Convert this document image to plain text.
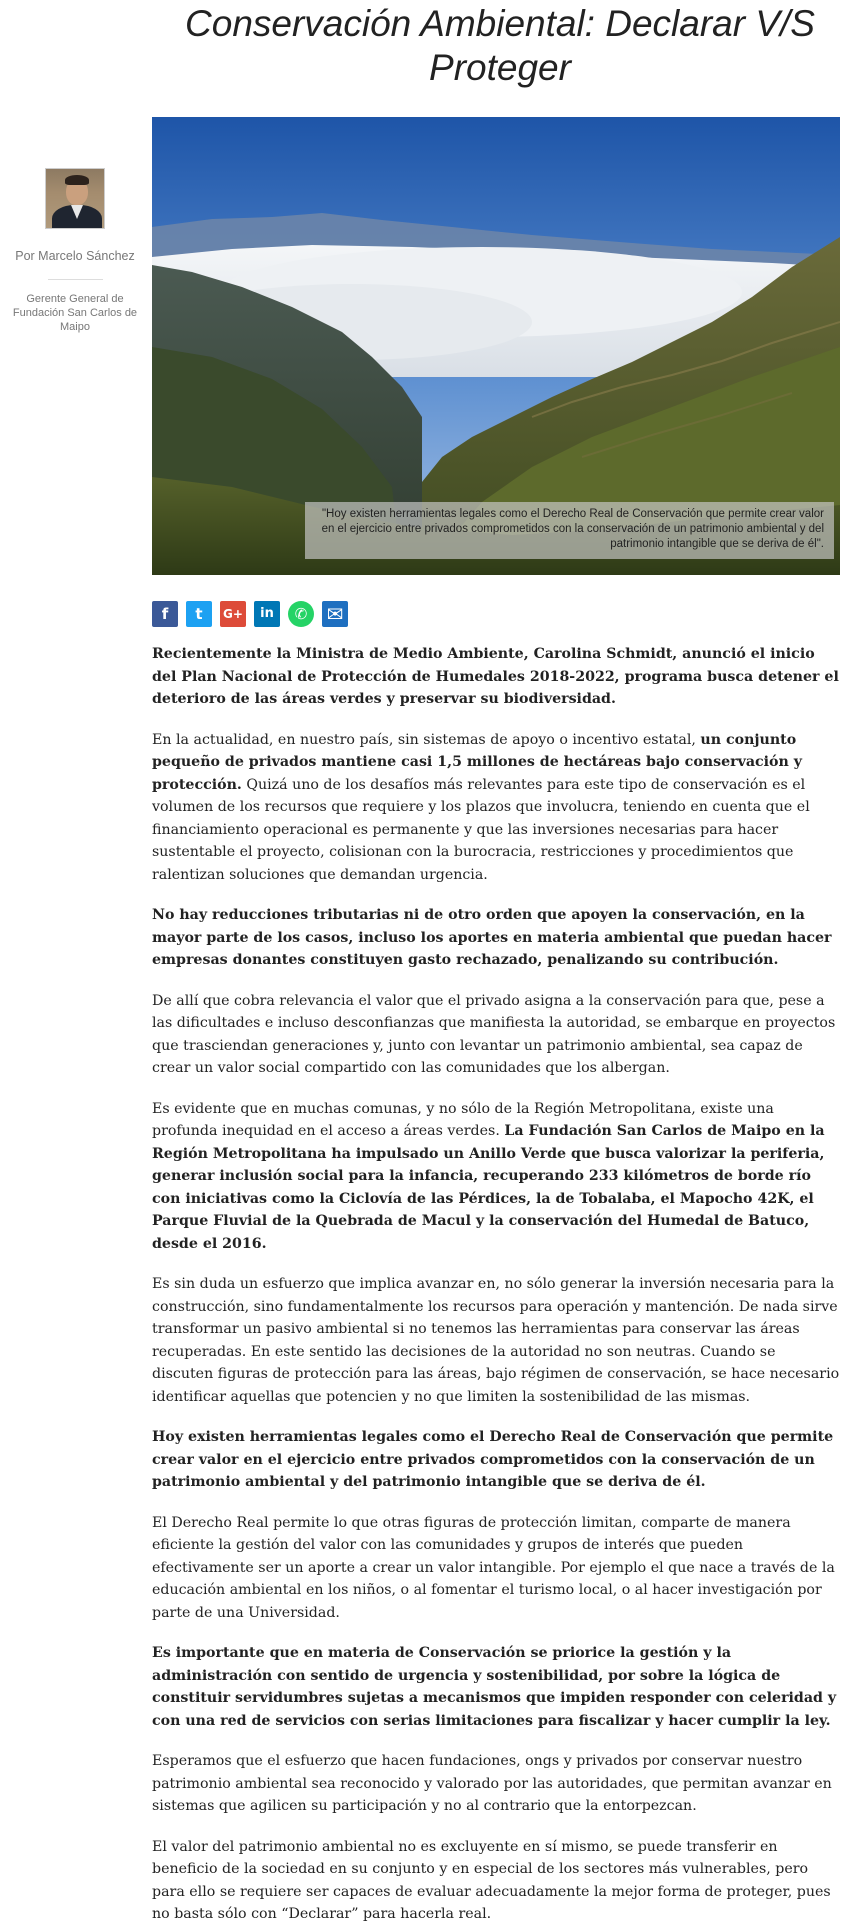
Conservación Ambiental: Declarar V/S Proteger
Por Marcelo Sánchez
Gerente General de Fundación San Carlos de Maipo
"Hoy existen herramientas legales como el Derecho Real de Conservación que permite crear valor en el ejercicio entre privados comprometidos con la conservación de un patrimonio ambiental y del patrimonio intangible que se deriva de él".
f	t	G+	in	✆ ✉

Recientemente la Ministra de Medio Ambiente, Carolina Schmidt, anunció el inicio del Plan Nacional de Protección de Humedales 2018-2022, programa busca detener el deterioro de las áreas verdes y preservar su biodiversidad.

En la actualidad, en nuestro país, sin sistemas de apoyo o incentivo estatal, un conjunto pequeño de privados mantiene casi 1,5 millones de hectáreas bajo conservación y protección. Quizá uno de los desafíos más relevantes para este tipo de conservación es el volumen de los recursos que requiere y los plazos que involucra, teniendo en cuenta que el financiamiento operacional es permanente y que las inversiones necesarias para hacer sustentable el proyecto, colisionan con la burocracia, restricciones y procedimientos que ralentizan soluciones que demandan urgencia.

No hay reducciones tributarias ni de otro orden que apoyen la conservación, en la mayor parte de los casos, incluso los aportes en materia ambiental que puedan hacer empresas donantes constituyen gasto rechazado, penalizando su contribución.

De allí que cobra relevancia el valor que el privado asigna a la conservación para que, pese a las dificultades e incluso desconfianzas que manifiesta la autoridad, se embarque en proyectos que trasciendan generaciones y, junto con levantar un patrimonio ambiental, sea capaz de crear un valor social compartido con las comunidades que los albergan.

Es evidente que en muchas comunas, y no sólo de la Región Metropolitana, existe una profunda inequidad en el acceso a áreas verdes. La Fundación San Carlos de Maipo en la Región Metropolitana ha impulsado un Anillo Verde que busca valorizar la periferia, generar inclusión social para la infancia, recuperando 233 kilómetros de borde río con iniciativas como la Ciclovía de las Pérdices, la de Tobalaba, el Mapocho 42K, el Parque Fluvial de la Quebrada de Macul y la conservación del Humedal de Batuco, desde el 2016.

Es sin duda un esfuerzo que implica avanzar en, no sólo generar la inversión necesaria para la construcción, sino fundamentalmente los recursos para operación y mantención. De nada sirve transformar un pasivo ambiental si no tenemos las herramientas para conservar las áreas recuperadas. En este sentido las decisiones de la autoridad no son neutras. Cuando se discuten figuras de protección para las áreas, bajo régimen de conservación, se hace necesario identificar aquellas que potencien y no que limiten la sostenibilidad de las mismas.

Hoy existen herramientas legales como el Derecho Real de Conservación que permite crear valor en el ejercicio entre privados comprometidos con la conservación de un patrimonio ambiental y del patrimonio intangible que se deriva de él.

El Derecho Real permite lo que otras figuras de protección limitan, comparte de manera eficiente la gestión del valor con las comunidades y grupos de interés que pueden efectivamente ser un aporte a crear un valor intangible. Por ejemplo el que nace a través de la educación ambiental en los niños, o al fomentar el turismo local, o al hacer investigación por parte de una Universidad.

Es importante que en materia de Conservación se priorice la gestión y la administración con sentido de urgencia y sostenibilidad, por sobre la lógica de constituir servidumbres sujetas a mecanismos que impiden responder con celeridad y con una red de servicios con serias limitaciones para fiscalizar y hacer cumplir la ley.

Esperamos que el esfuerzo que hacen fundaciones, ongs y privados por conservar nuestro patrimonio ambiental sea reconocido y valorado por las autoridades, que permitan avanzar en sistemas que agilicen su participación y no al contrario que la entorpezcan.

El valor del patrimonio ambiental no es excluyente en sí mismo, se puede transferir en beneficio de la sociedad en su conjunto y en especial de los sectores más vulnerables, pero para ello se requiere ser capaces de evaluar adecuadamente la mejor forma de proteger, pues no basta sólo con “Declarar” para hacerla real.
